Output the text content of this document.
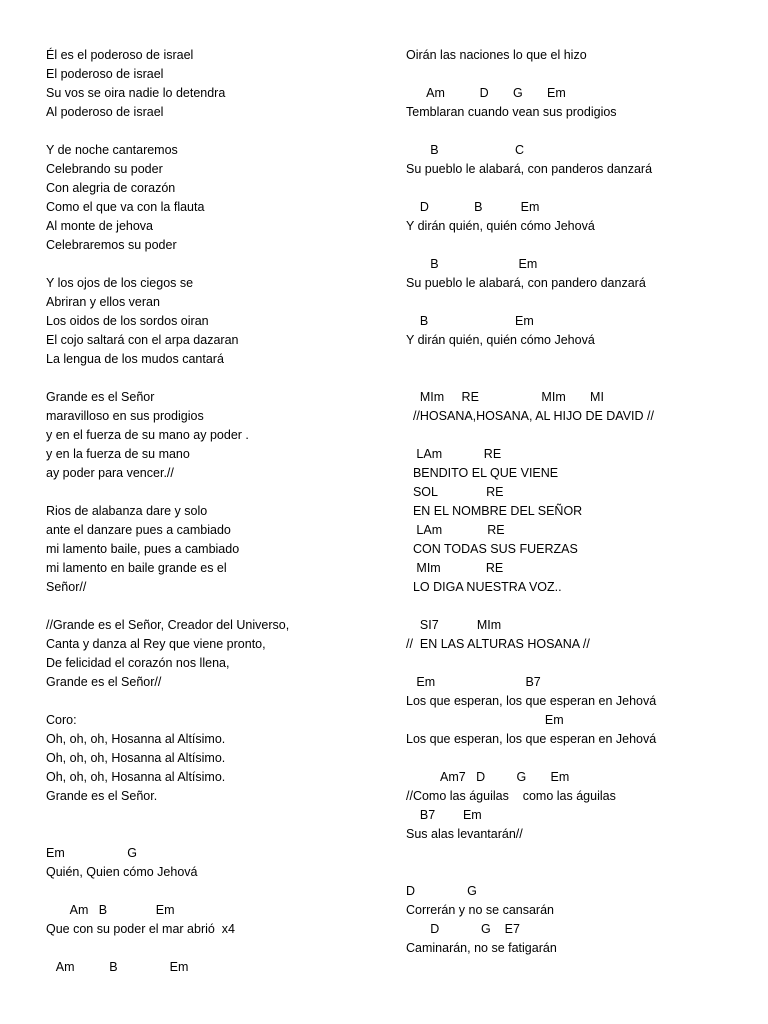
Él es el poderoso de israel
El poderoso de israel
Su vos se oira nadie lo detendra
Al poderoso de israel
Y de noche cantaremos
Celebrando su poder
Con alegria de corazón
Como el que va con la flauta
Al monte de jehova
Celebraremos su poder
Y los ojos de los ciegos se
Abriran y ellos veran
Los oidos de los sordos oiran
El cojo saltará con el arpa dazaran
La lengua de los mudos cantará
Grande es el Señor
maravilloso en sus prodigios
y en el fuerza de su mano ay poder .
y en la fuerza de su mano
ay poder para vencer.//
Rios de alabanza dare y solo
ante el danzare pues a cambiado
mi lamento baile, pues a cambiado
mi lamento en baile grande es el
Señor//
//Grande es el Señor, Creador del Universo,
Canta y danza al Rey que viene pronto,
De felicidad el corazón nos llena,
Grande es el Señor//
Coro:
Oh, oh, oh, Hosanna al Altísimo.
Oh, oh, oh, Hosanna al Altísimo.
Oh, oh, oh, Hosanna al Altísimo.
Grande es el Señor.
Em                  G
Quién, Quien cómo Jehová
Am   B              Em
Que con su poder el mar abrió  x4
Am          B               Em
Oirán las naciones lo que el hizo
Am          D       G       Em
Temblaran cuando vean sus prodigios
B                      C
Su pueblo le alabará, con panderos danzará
D             B           Em
Y dirán quién, quién cómo Jehová
B                       Em
Su pueblo le alabará, con pandero danzará
B                         Em
Y dirán quién, quién cómo Jehová
MIm     RE                  MIm       MI
//HOSANA,HOSANA, AL HIJO DE DAVID //
LAm            RE
BENDITO EL QUE VIENE
SOL              RE
EN EL NOMBRE DEL SEÑOR
LAm             RE
CON TODAS SUS FUERZAS
MIm             RE
LO DIGA NUESTRA VOZ..
SI7           MIm
//  EN LAS ALTURAS HOSANA //
Em                          B7
Los que esperan, los que esperan en Jehová
Em
Los que esperan, los que esperan en Jehová
Am7   D         G       Em
//Como las águilas    como las águilas
B7        Em
Sus alas levantarán//
D               G
Correrán y no se cansarán
D            G    E7
Caminarán, no se fatigarán
